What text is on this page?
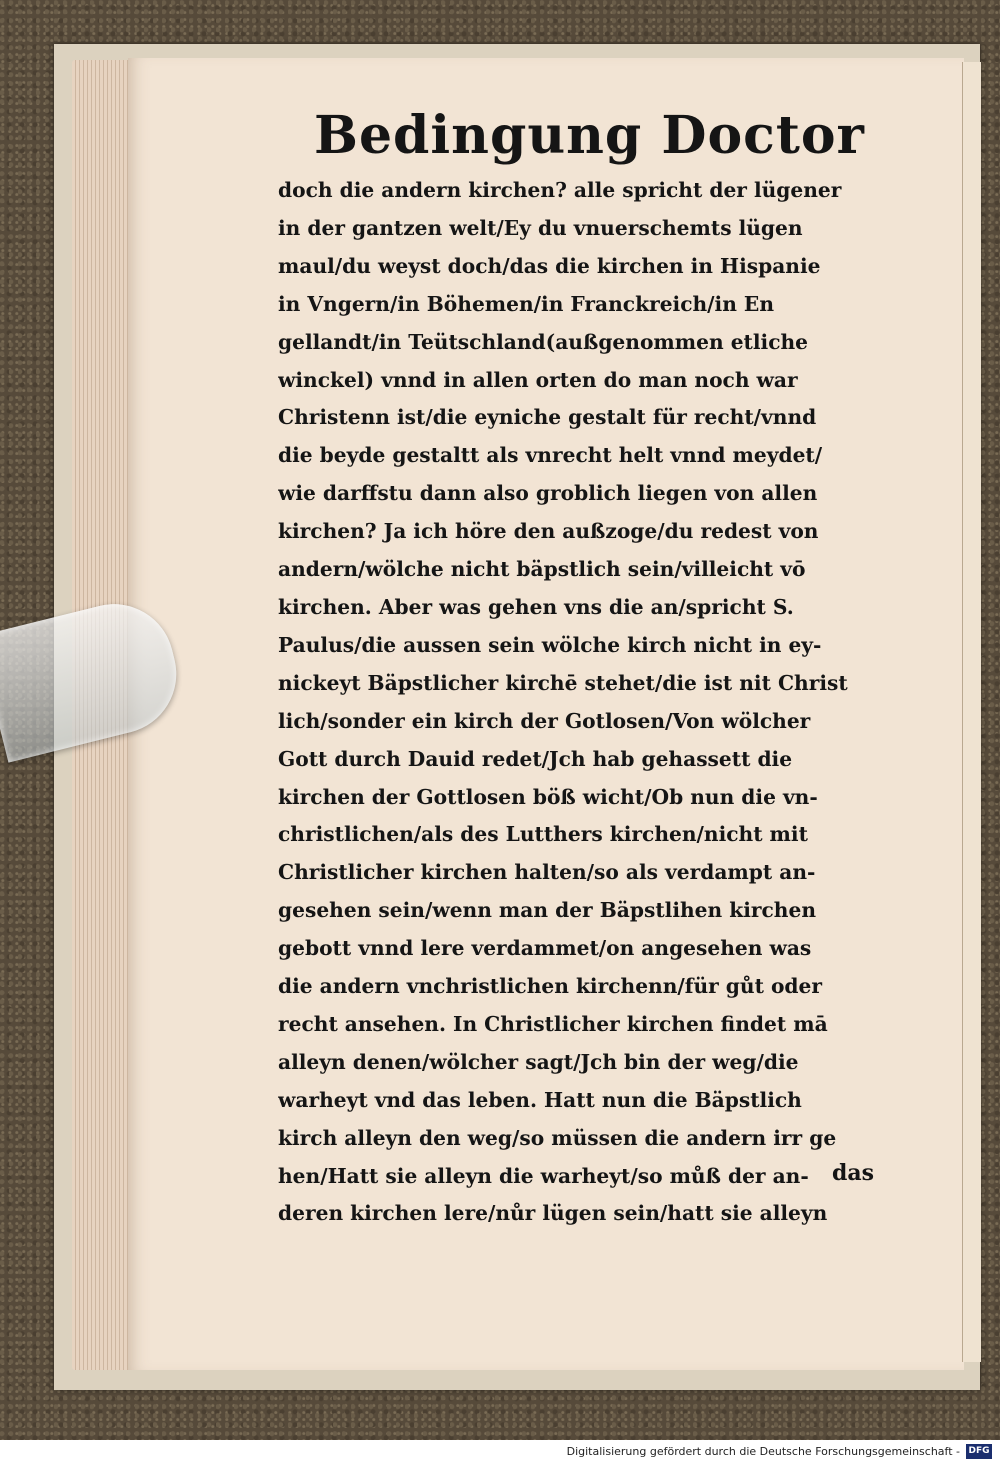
Bedingung Doctor
doch die andern kirchen? alle spricht der lügener
in der gantzen welt/Ey du vnuerschemts lügen
maul/du weyst doch/das die kirchen in Hispanie
in Vngern/in Böhemen/in Franckreich/in En
gellandt/in Teütschland(außgenommen etliche
winckel) vnnd in allen orten do man noch war
Christenn ist/die eyniche gestalt für recht/vnnd
die beyde gestaltt als vnrecht helt vnnd meydet/
wie darffstu dann also groblich liegen von allen
kirchen? Ja ich höre den außzoge/du redest von
andern/wölche nicht bäpstlich sein/villeicht vō
kirchen. Aber was gehen vns die an/spricht S.
Paulus/die aussen sein wölche kirch nicht in ey-
nickeyt Bäpstlicher kirchē stehet/die ist nit Christ
lich/sonder ein kirch der Gotlosen/Von wölcher
Gott durch Dauid redet/Jch hab gehassett die
kirchen der Gottlosen böß wicht/Ob nun die vn-
christlichen/als des Lutthers kirchen/nicht mit
Christlicher kirchen halten/so als verdampt an-
gesehen sein/wenn man der Bäpstlihen kirchen
gebott vnnd lere verdammet/on angesehen was
die andern vnchristlichen kirchenn/für gůt oder
recht ansehen. In Christlicher kirchen findet mā
alleyn denen/wölcher sagt/Jch bin der weg/die
warheyt vnd das leben. Hatt nun die Bäpstlich
kirch alleyn den weg/so müssen die andern irr ge
hen/Hatt sie alleyn die warheyt/so můß der an-
deren kirchen lere/nůr lügen sein/hatt sie alleyn
das
Digitalisierung gefördert durch die Deutsche Forschungsgemeinschaft - DFG
